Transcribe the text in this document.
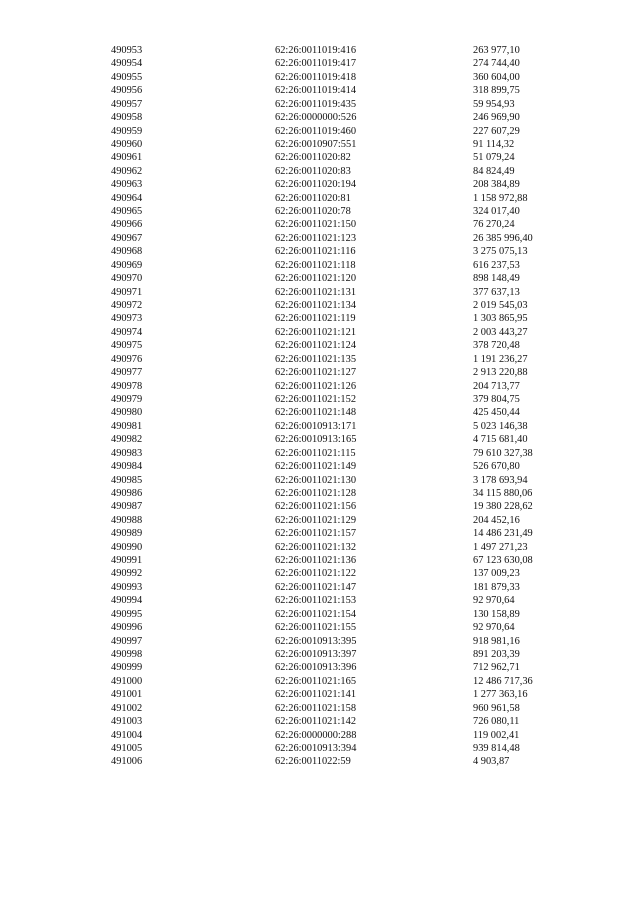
490953	62:26:0011019:416	263 977,10
490954	62:26:0011019:417	274 744,40
490955	62:26:0011019:418	360 604,00
490956	62:26:0011019:414	318 899,75
490957	62:26:0011019:435	59 954,93
490958	62:26:0000000:526	246 969,90
490959	62:26:0011019:460	227 607,29
490960	62:26:0010907:551	91 114,32
490961	62:26:0011020:82	51 079,24
490962	62:26:0011020:83	84 824,49
490963	62:26:0011020:194	208 384,89
490964	62:26:0011020:81	1 158 972,88
490965	62:26:0011020:78	324 017,40
490966	62:26:0011021:150	76 270,24
490967	62:26:0011021:123	26 385 996,40
490968	62:26:0011021:116	3 275 075,13
490969	62:26:0011021:118	616 237,53
490970	62:26:0011021:120	898 148,49
490971	62:26:0011021:131	377 637,13
490972	62:26:0011021:134	2 019 545,03
490973	62:26:0011021:119	1 303 865,95
490974	62:26:0011021:121	2 003 443,27
490975	62:26:0011021:124	378 720,48
490976	62:26:0011021:135	1 191 236,27
490977	62:26:0011021:127	2 913 220,88
490978	62:26:0011021:126	204 713,77
490979	62:26:0011021:152	379 804,75
490980	62:26:0011021:148	425 450,44
490981	62:26:0010913:171	5 023 146,38
490982	62:26:0010913:165	4 715 681,40
490983	62:26:0011021:115	79 610 327,38
490984	62:26:0011021:149	526 670,80
490985	62:26:0011021:130	3 178 693,94
490986	62:26:0011021:128	34 115 880,06
490987	62:26:0011021:156	19 380 228,62
490988	62:26:0011021:129	204 452,16
490989	62:26:0011021:157	14 486 231,49
490990	62:26:0011021:132	1 497 271,23
490991	62:26:0011021:136	67 123 630,08
490992	62:26:0011021:122	137 009,23
490993	62:26:0011021:147	181 879,33
490994	62:26:0011021:153	92 970,64
490995	62:26:0011021:154	130 158,89
490996	62:26:0011021:155	92 970,64
490997	62:26:0010913:395	918 981,16
490998	62:26:0010913:397	891 203,39
490999	62:26:0010913:396	712 962,71
491000	62:26:0011021:165	12 486 717,36
491001	62:26:0011021:141	1 277 363,16
491002	62:26:0011021:158	960 961,58
491003	62:26:0011021:142	726 080,11
491004	62:26:0000000:288	119 002,41
491005	62:26:0010913:394	939 814,48
491006	62:26:0011022:59	4 903,87
